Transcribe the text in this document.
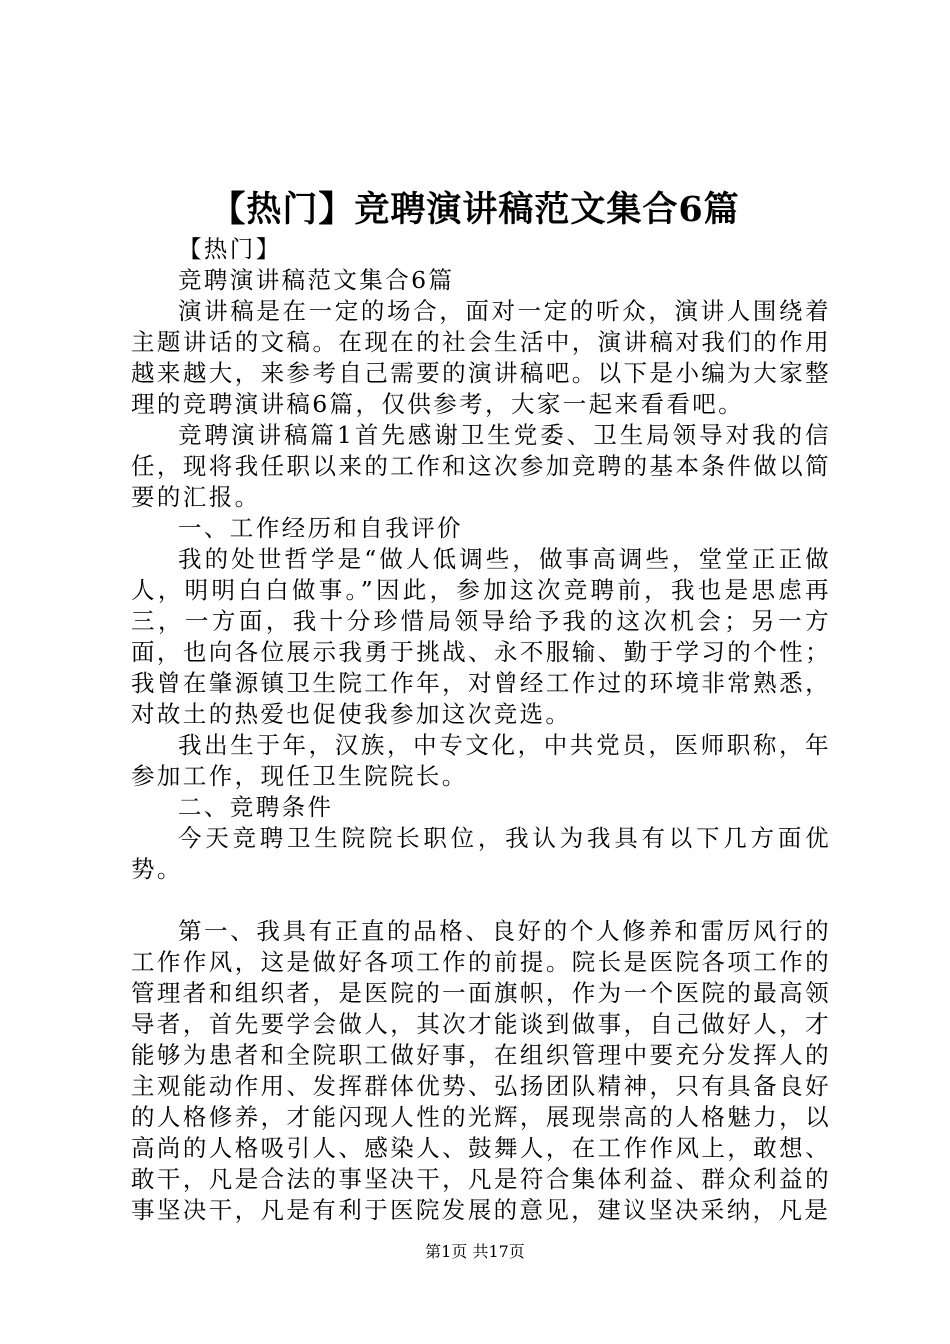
【热门】竞聘演讲稿范文集合6篇

【热门】

竞聘演讲稿范文集合6篇

演讲稿是在一定的场合，面对一定的听众，演讲人围绕着主题讲话的文稿。在现在的社会生活中，演讲稿对我们的作用越来越大，来参考自己需要的演讲稿吧。以下是小编为大家整理的竞聘演讲稿6篇，仅供参考，大家一起来看看吧。

竞聘演讲稿篇1首先感谢卫生党委、卫生局领导对我的信任，现将我任职以来的工作和这次参加竞聘的基本条件做以简要的汇报。

一、工作经历和自我评价

我的处世哲学是“做人低调些，做事高调些，堂堂正正做人，明明白白做事。”因此，参加这次竞聘前，我也是思虑再三，一方面，我十分珍惜局领导给予我的这次机会；另一方面，也向各位展示我勇于挑战、永不服输、勤于学习的个性；我曾在肇源镇卫生院工作年，对曾经工作过的环境非常熟悉，对故土的热爱也促使我参加这次竞选。

我出生于年，汉族，中专文化，中共党员，医师职称，年参加工作，现任卫生院院长。

二、竞聘条件

今天竞聘卫生院院长职位，我认为我具有以下几方面优势。

第一、我具有正直的品格、良好的个人修养和雷厉风行的工作作风，这是做好各项工作的前提。院长是医院各项工作的管理者和组织者，是医院的一面旗帜，作为一个医院的最高领导者，首先要学会做人，其次才能谈到做事，自己做好人，才能够为患者和全院职工做好事，在组织管理中要充分发挥人的主观能动作用、发挥群体优势、弘扬团队精神，只有具备良好的人格修养，才能闪现人性的光辉，展现崇高的人格魅力，以高尚的人格吸引人、感染人、鼓舞人，在工作作风上，敢想、敢干，凡是合法的事坚决干，凡是符合集体利益、群众利益的事坚决干，凡是有利于医院发展的意见，建议坚决采纳，凡是

第1页 共17页
